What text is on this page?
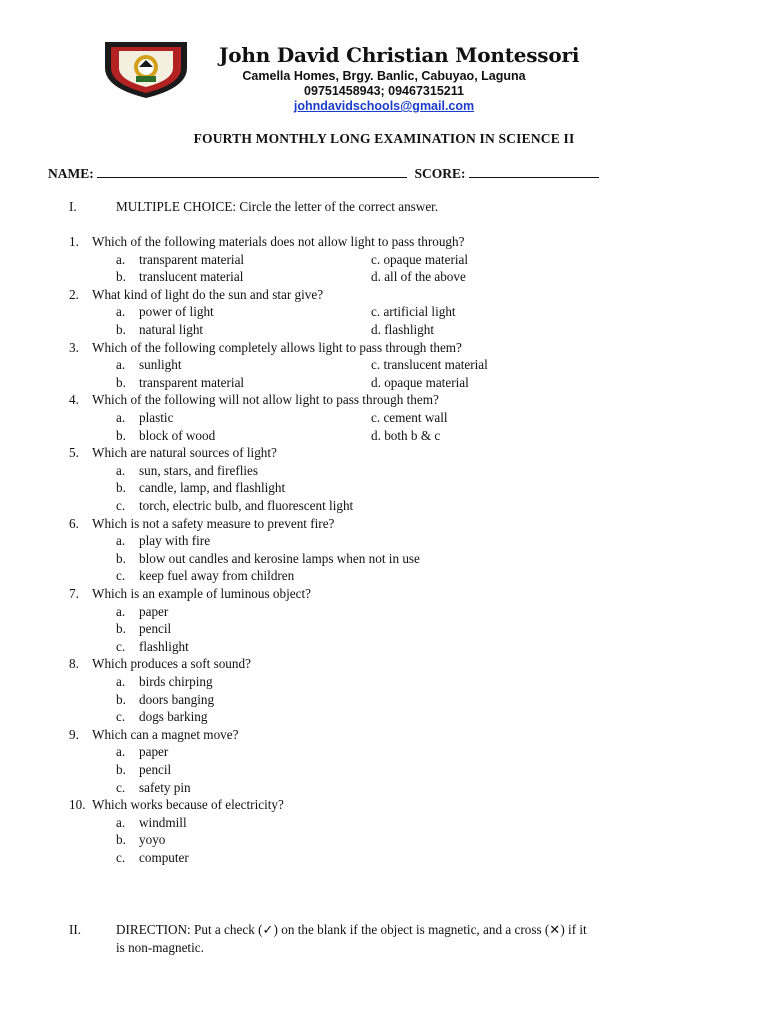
John David Christian Montessori
Camella Homes, Brgy. Banlic, Cabuyao, Laguna
09751458943; 09467315211
johndavidschools@gmail.com
FOURTH MONTHLY LONG EXAMINATION IN SCIENCE II
NAME:	SCORE:
I.	MULTIPLE CHOICE: Circle the letter of the correct answer.
1. Which of the following materials does not allow light to pass through?
a. transparent material	c. opaque material
b. translucent material	d. all of the above
2. What kind of light do the sun and star give?
a. power of light	c. artificial light
b. natural light	d. flashlight
3. Which of the following completely allows light to pass through them?
a. sunlight	c. translucent material
b. transparent material	d. opaque material
4. Which of the following will not allow light to pass through them?
a. plastic	c. cement wall
b. block of wood	d. both b & c
5. Which are natural sources of light?
a. sun, stars, and fireflies
b. candle, lamp, and flashlight
c. torch, electric bulb, and fluorescent light
6. Which is not a safety measure to prevent fire?
a. play with fire
b. blow out candles and kerosine lamps when not in use
c. keep fuel away from children
7. Which is an example of luminous object?
a. paper
b. pencil
c. flashlight
8. Which produces a soft sound?
a. birds chirping
b. doors banging
c. dogs barking
9. Which can a magnet move?
a. paper
b. pencil
c. safety pin
10. Which works because of electricity?
a. windmill
b. yoyo
c. computer
II.	DIRECTION: Put a check (✓) on the blank if the object is magnetic, and a cross (✕) if it
is non-magnetic.
